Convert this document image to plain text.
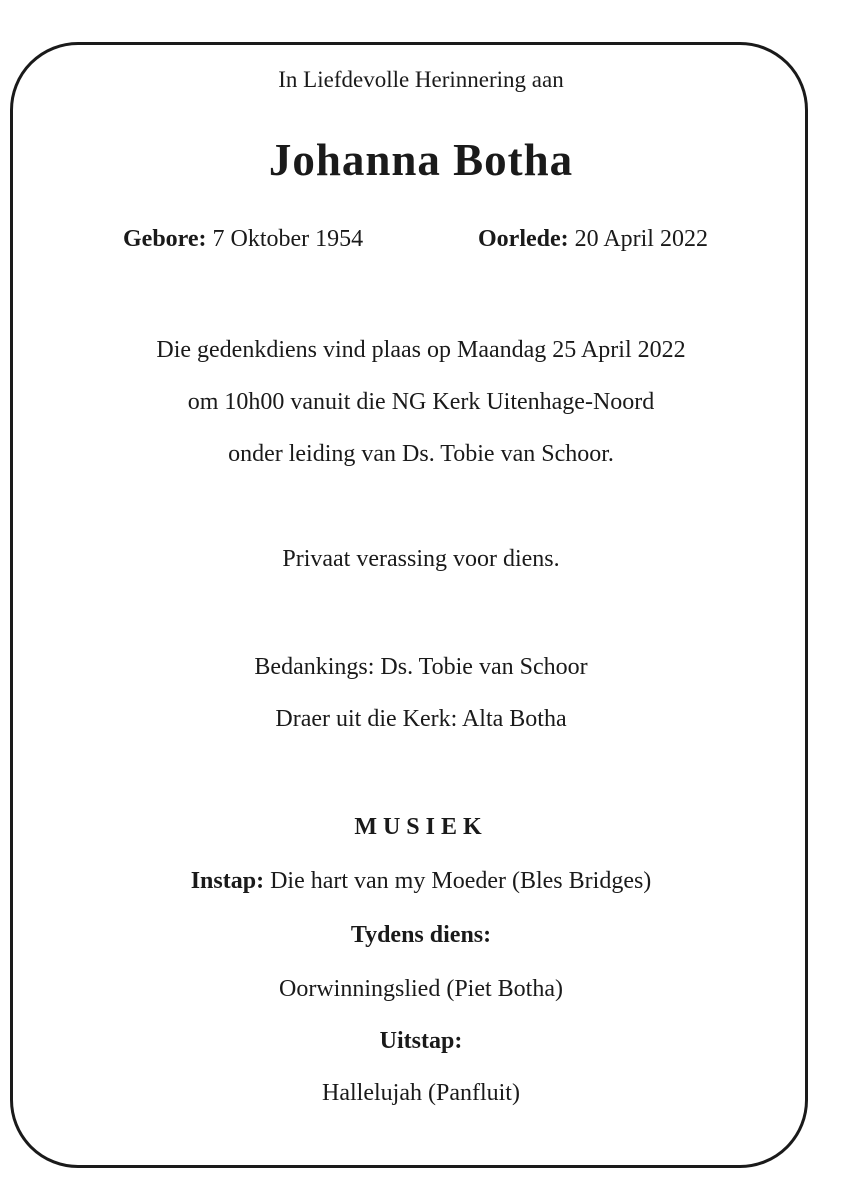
In Liefdevolle Herinnering aan
Johanna Botha
Gebore: 7 Oktober 1954	Oorlede: 20 April 2022
Die gedenkdiens vind plaas op Maandag 25 April 2022
om 10h00 vanuit die NG Kerk Uitenhage-Noord
onder leiding van Ds. Tobie van Schoor.
Privaat verassing voor diens.
Bedankings: Ds. Tobie van Schoor
Draer uit die Kerk: Alta Botha
MUSIEK
Instap: Die hart van my Moeder (Bles Bridges)
Tydens diens:
Oorwinningslied (Piet Botha)
Uitstap:
Hallelujah (Panfluit)
